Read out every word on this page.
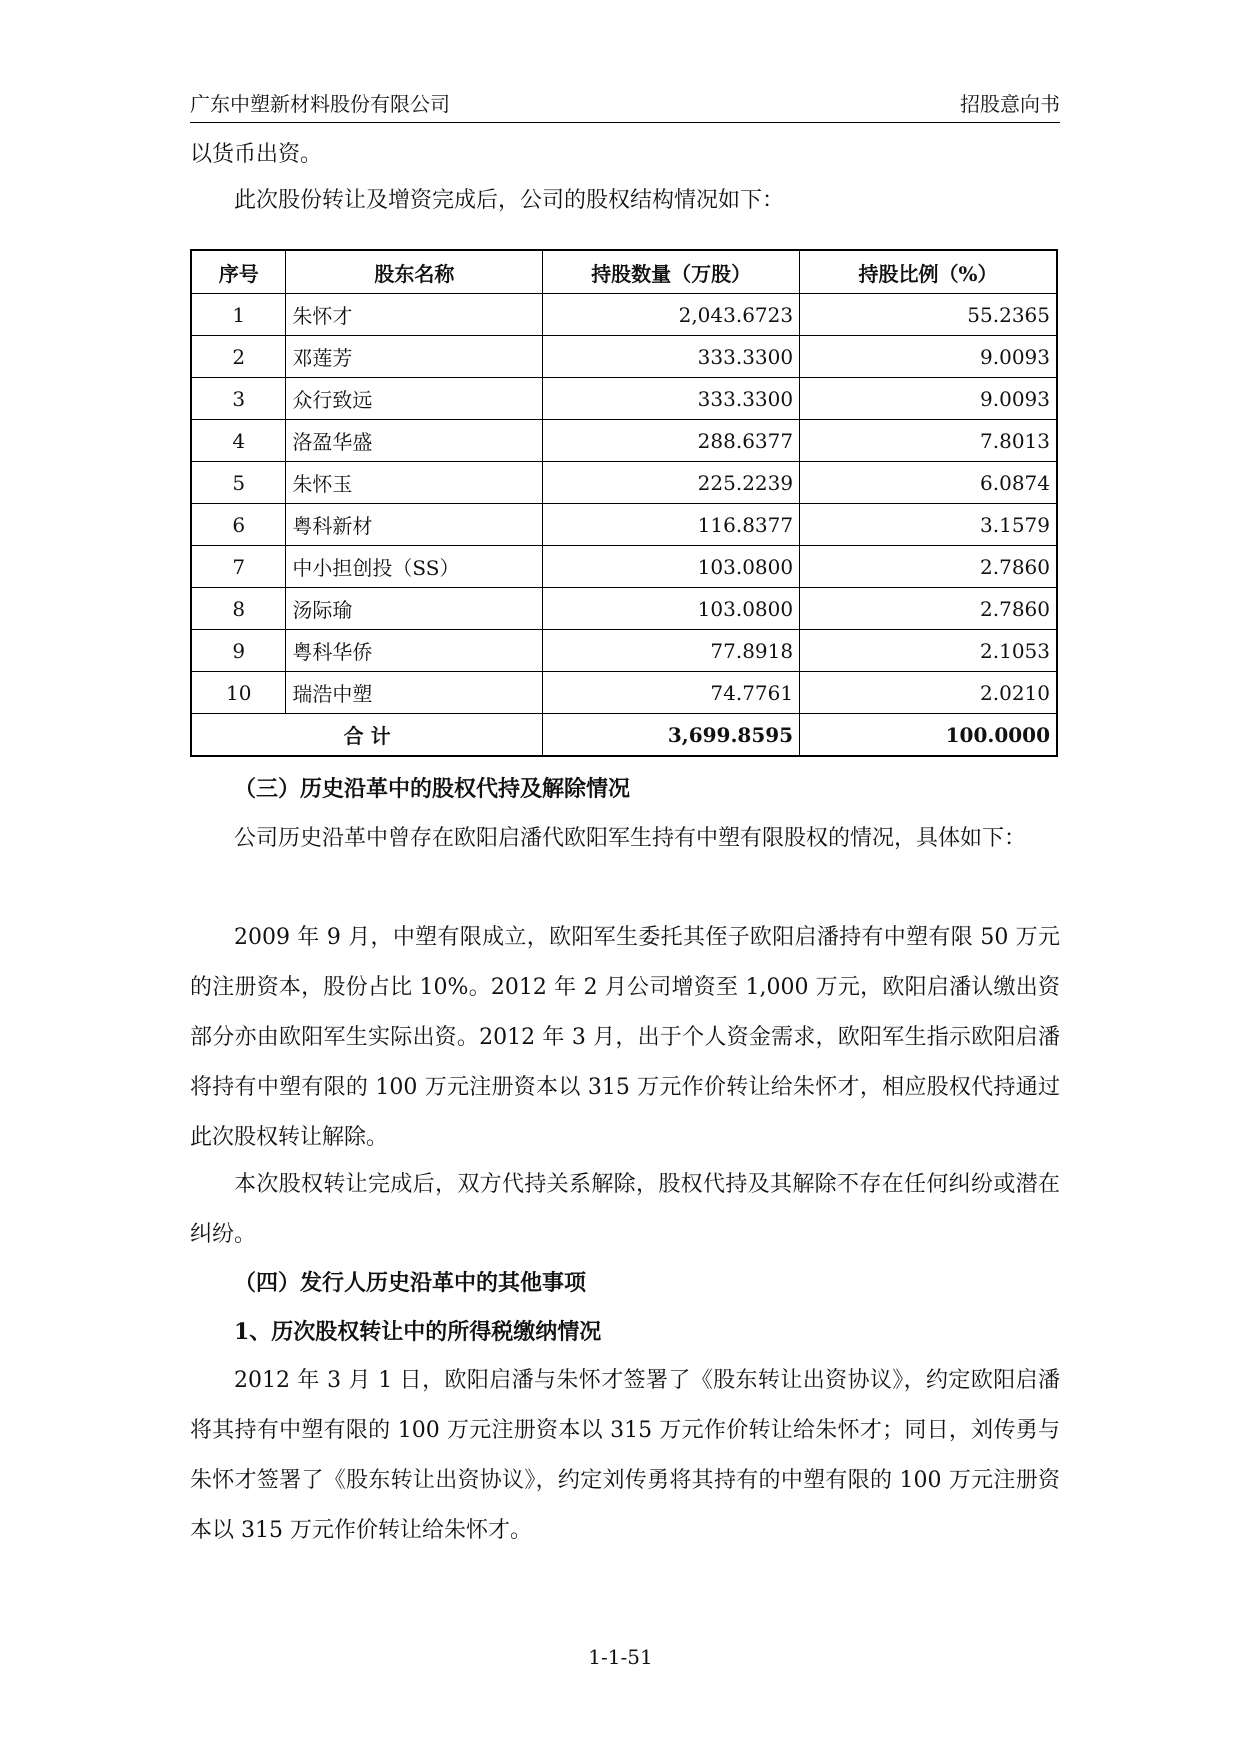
广东中塑新材料股份有限公司	招股意向书
以货币出资。
此次股份转让及增资完成后，公司的股权结构情况如下：
序号	股东名称	持股数量（万股）	持股比例（%）
1	朱怀才	2,043.6723	55.2365
2	邓莲芳	333.3300	9.0093
3	众行致远	333.3300	9.0093
4	洛盈华盛	288.6377	7.8013
5	朱怀玉	225.2239	6.0874
6	粤科新材	116.8377	3.1579
7	中小担创投（SS）	103.0800	2.7860
8	汤际瑜	103.0800	2.7860
9	粤科华侨	77.8918	2.1053
10	瑞浩中塑	74.7761	2.0210
合 计		3,699.8595	100.0000
（三）历史沿革中的股权代持及解除情况
公司历史沿革中曾存在欧阳启潘代欧阳军生持有中塑有限股权的情况，具体如下：
2009 年 9 月，中塑有限成立，欧阳军生委托其侄子欧阳启潘持有中塑有限 50 万元的注册资本，股份占比 10%。2012 年 2 月公司增资至 1,000 万元，欧阳启潘认缴出资部分亦由欧阳军生实际出资。2012 年 3 月，出于个人资金需求，欧阳军生指示欧阳启潘将持有中塑有限的 100 万元注册资本以 315 万元作价转让给朱怀才，相应股权代持通过此次股权转让解除。
本次股权转让完成后，双方代持关系解除，股权代持及其解除不存在任何纠纷或潜在纠纷。
（四）发行人历史沿革中的其他事项
1、历次股权转让中的所得税缴纳情况
2012 年 3 月 1 日，欧阳启潘与朱怀才签署了《股东转让出资协议》，约定欧阳启潘将其持有中塑有限的 100 万元注册资本以 315 万元作价转让给朱怀才；同日，刘传勇与朱怀才签署了《股东转让出资协议》，约定刘传勇将其持有的中塑有限的 100 万元注册资本以 315 万元作价转让给朱怀才。
1-1-51
